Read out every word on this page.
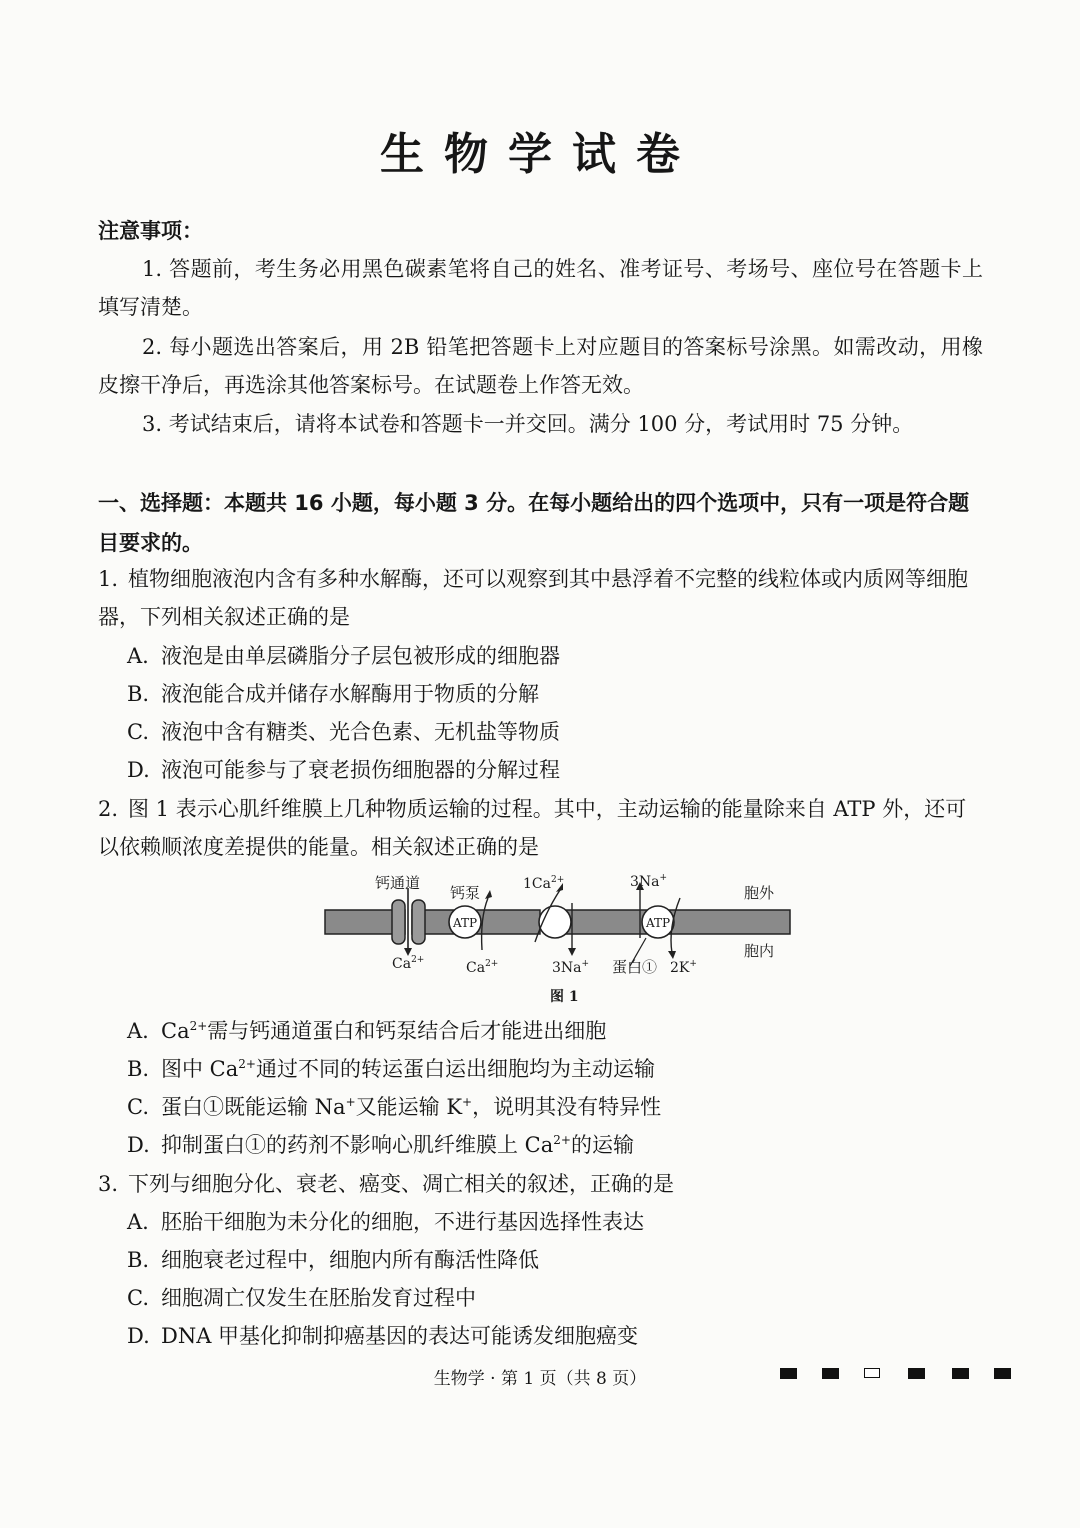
生物学试卷
注意事项：
1. 答题前，考生务必用黑色碳素笔将自己的姓名、准考证号、考场号、座位号在答题卡上填写清楚。
2. 每小题选出答案后，用 2B 铅笔把答题卡上对应题目的答案标号涂黑。如需改动，用橡皮擦干净后，再选涂其他答案标号。在试题卷上作答无效。
3. 考试结束后，请将本试卷和答题卡一并交回。满分 100 分，考试用时 75 分钟。
一、选择题：本题共 16 小题，每小题 3 分。在每小题给出的四个选项中，只有一项是符合题目要求的。
1. 植物细胞液泡内含有多种水解酶，还可以观察到其中悬浮着不完整的线粒体或内质网等细胞器，下列相关叙述正确的是
A. 液泡是由单层磷脂分子层包被形成的细胞器
B. 液泡能合成并储存水解酶用于物质的分解
C. 液泡中含有糖类、光合色素、无机盐等物质
D. 液泡可能参与了衰老损伤细胞器的分解过程
2. 图 1 表示心肌纤维膜上几种物质运输的过程。其中，主动运输的能量除来自 ATP 外，还可以依赖顺浓度差提供的能量。相关叙述正确的是
ATP	ATP
钙通道
钙泵	$1Ca^{2+}$	3Na+
胞外
胞内
$Ca^{2+}$	$Ca^{2+}$	3Na+ 蛋白① 2K+
图 1
A. $Ca^{2+}$需与钙通道蛋白和钙泵结合后才能进出细胞
B. 图中 $Ca^{2+}$通过不同的转运蛋白运出细胞均为主动运输
C. 蛋白①既能运输 Na+又能运输 K+，说明其没有特异性
D. 抑制蛋白①的药剂不影响心肌纤维膜上 $Ca^{2+}$的运输
3. 下列与细胞分化、衰老、癌变、凋亡相关的叙述，正确的是
A. 胚胎干细胞为未分化的细胞，不进行基因选择性表达
B. 细胞衰老过程中，细胞内所有酶活性降低
C. 细胞凋亡仅发生在胚胎发育过程中
D. DNA 甲基化抑制抑癌基因的表达可能诱发细胞癌变
生物学 · 第 1 页（共 8 页）
